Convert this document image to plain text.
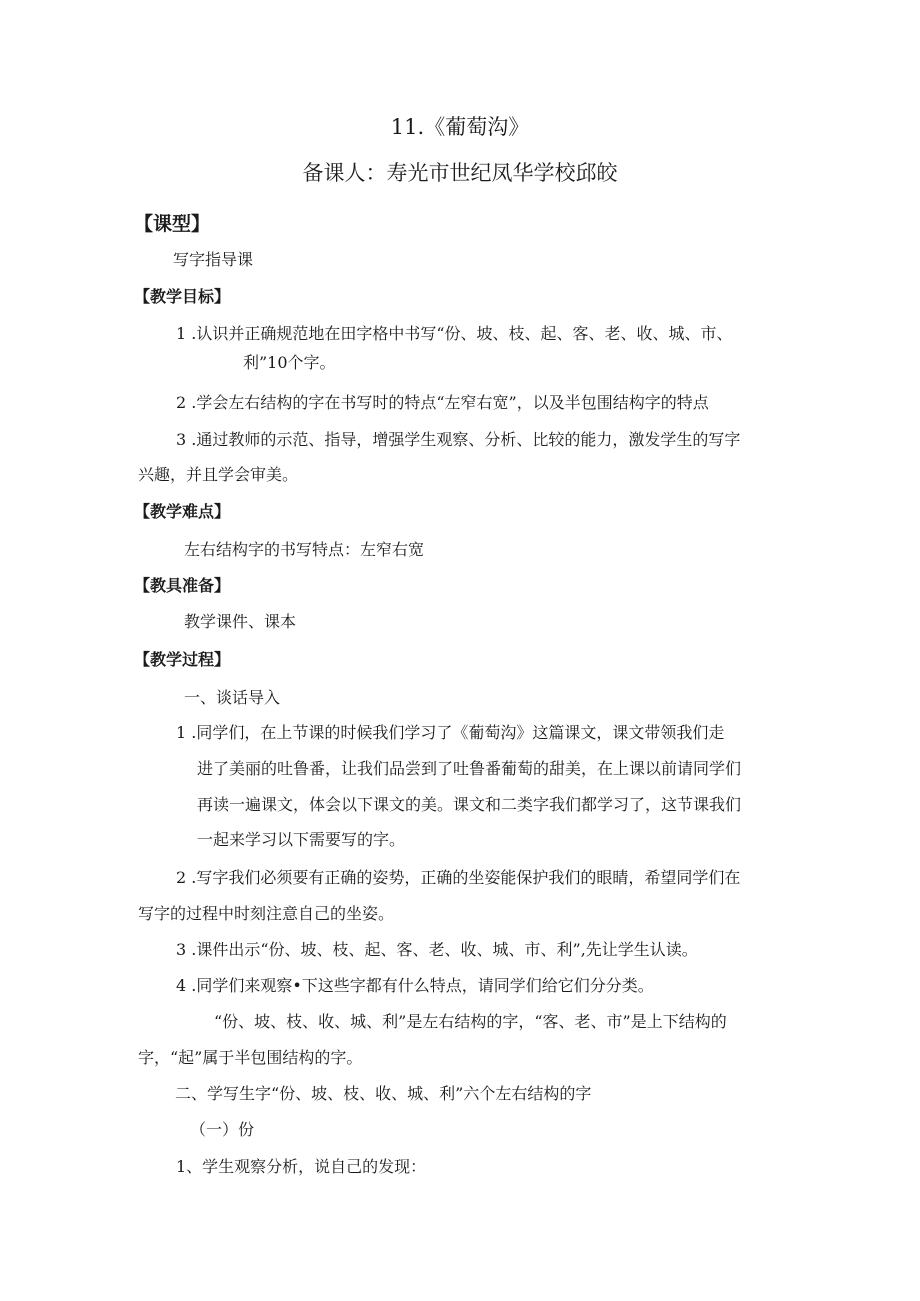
11.《葡萄沟》
备课人：寿光市世纪凤华学校邱皎
【课型】
写字指导课
【教学目标】
1 .认识并正确规范地在田字格中书写“份、坡、枝、起、客、老、收、城、市、
利”10个字。
2 .学会左右结构的字在书写时的特点“左窄右宽”，以及半包围结构字的特点
3 .通过教师的示范、指导，增强学生观察、分析、比较的能力，激发学生的写字
兴趣，并且学会审美。
【教学难点】
左右结构字的书写特点：左窄右宽
【教具准备】
教学课件、课本
【教学过程】
一、谈话导入
1 .同学们，在上节课的时候我们学习了《葡萄沟》这篇课文，课文带领我们走
进了美丽的吐鲁番，让我们品尝到了吐鲁番葡萄的甜美，在上课以前请同学们
再读一遍课文，体会以下课文的美。课文和二类字我们都学习了，这节课我们
一起来学习以下需要写的字。
2 .写字我们必须要有正确的姿势，正确的坐姿能保护我们的眼睛，希望同学们在
写字的过程中时刻注意自己的坐姿。
3 .课件出示“份、坡、枝、起、客、老、收、城、市、利”,先让学生认读。
4 .同学们来观察•下这些字都有什么特点，请同学们给它们分分类。
“份、坡、枝、收、城、利”是左右结构的字，“客、老、市”是上下结构的
字，“起”属于半包围结构的字。
二、学写生字“份、坡、枝、收、城、利”六个左右结构的字
（一）份
1、学生观察分析，说自己的发现：
